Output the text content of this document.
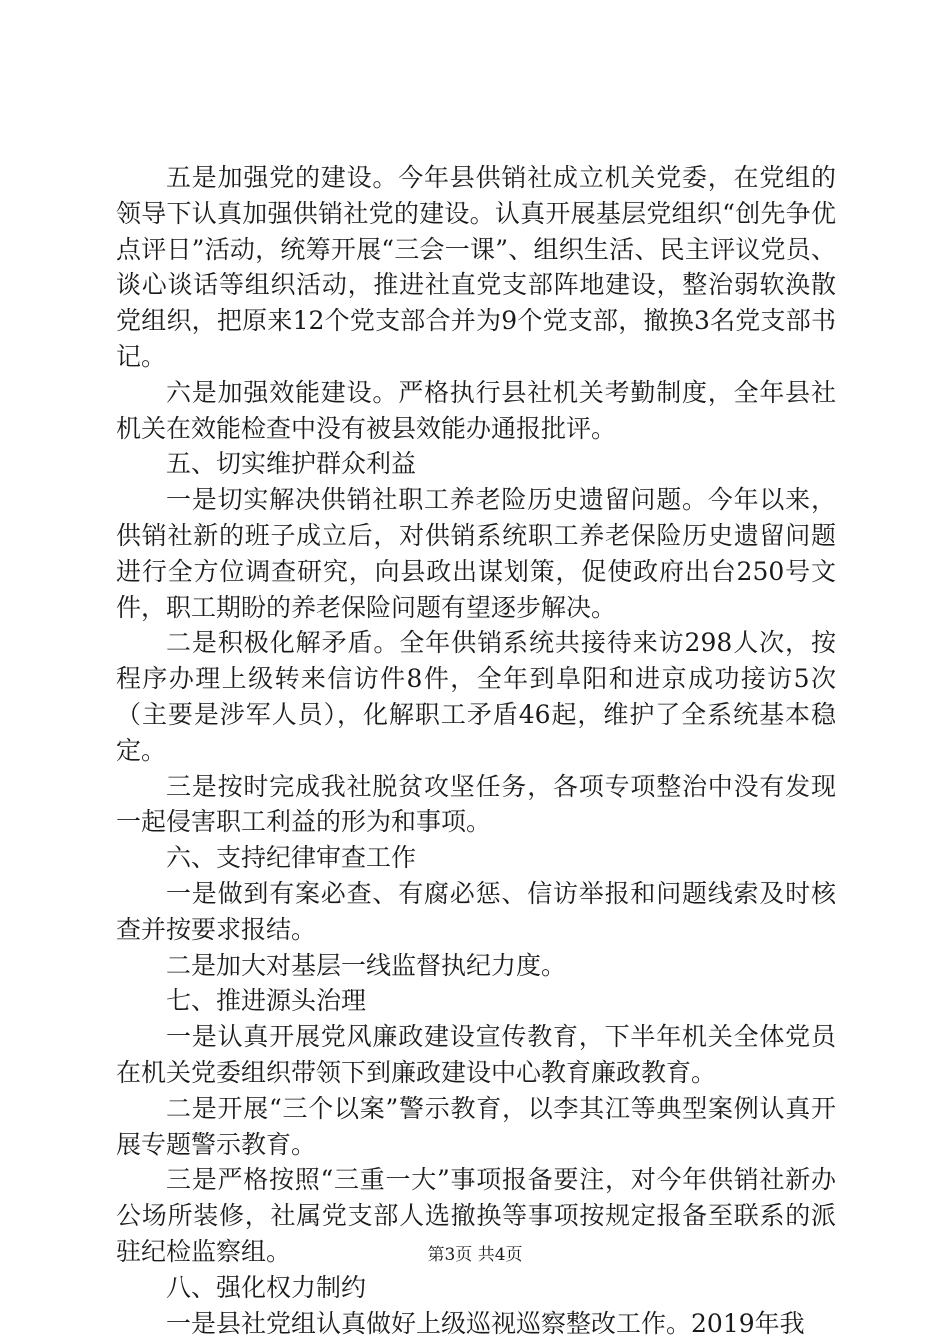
五是加强党的建设。今年县供销社成立机关党委，在党组的领导下认真加强供销社党的建设。认真开展基层党组织“创先争优点评日”活动，统筹开展“三会一课”、组织生活、民主评议党员、谈心谈话等组织活动，推进社直党支部阵地建设，整治弱软涣散党组织，把原来12个党支部合并为9个党支部，撤换3名党支部书记。

六是加强效能建设。严格执行县社机关考勤制度，全年县社机关在效能检查中没有被县效能办通报批评。

五、切实维护群众利益

一是切实解决供销社职工养老险历史遗留问题。今年以来，供销社新的班子成立后，对供销系统职工养老保险历史遗留问题进行全方位调查研究，向县政出谋划策，促使政府出台250号文件，职工期盼的养老保险问题有望逐步解决。

二是积极化解矛盾。全年供销系统共接待来访298人次，按程序办理上级转来信访件8件，全年到阜阳和进京成功接访5次（主要是涉军人员），化解职工矛盾46起，维护了全系统基本稳定。

三是按时完成我社脱贫攻坚任务，各项专项整治中没有发现一起侵害职工利益的形为和事项。

六、支持纪律审查工作

一是做到有案必查、有腐必惩、信访举报和问题线索及时核查并按要求报结。

二是加大对基层一线监督执纪力度。

七、推进源头治理

一是认真开展党风廉政建设宣传教育，下半年机关全体党员在机关党委组织带领下到廉政建设中心教育廉政教育。

二是开展“三个以案”警示教育，以李其江等典型案例认真开展专题警示教育。

三是严格按照“三重一大”事项报备要注，对今年供销社新办公场所装修，社属党支部人选撤换等事项按规定报备至联系的派驻纪检监察组。

八、强化权力制约

一是县社党组认真做好上级巡视巡察整改工作。2019年我

第3页 共4页
